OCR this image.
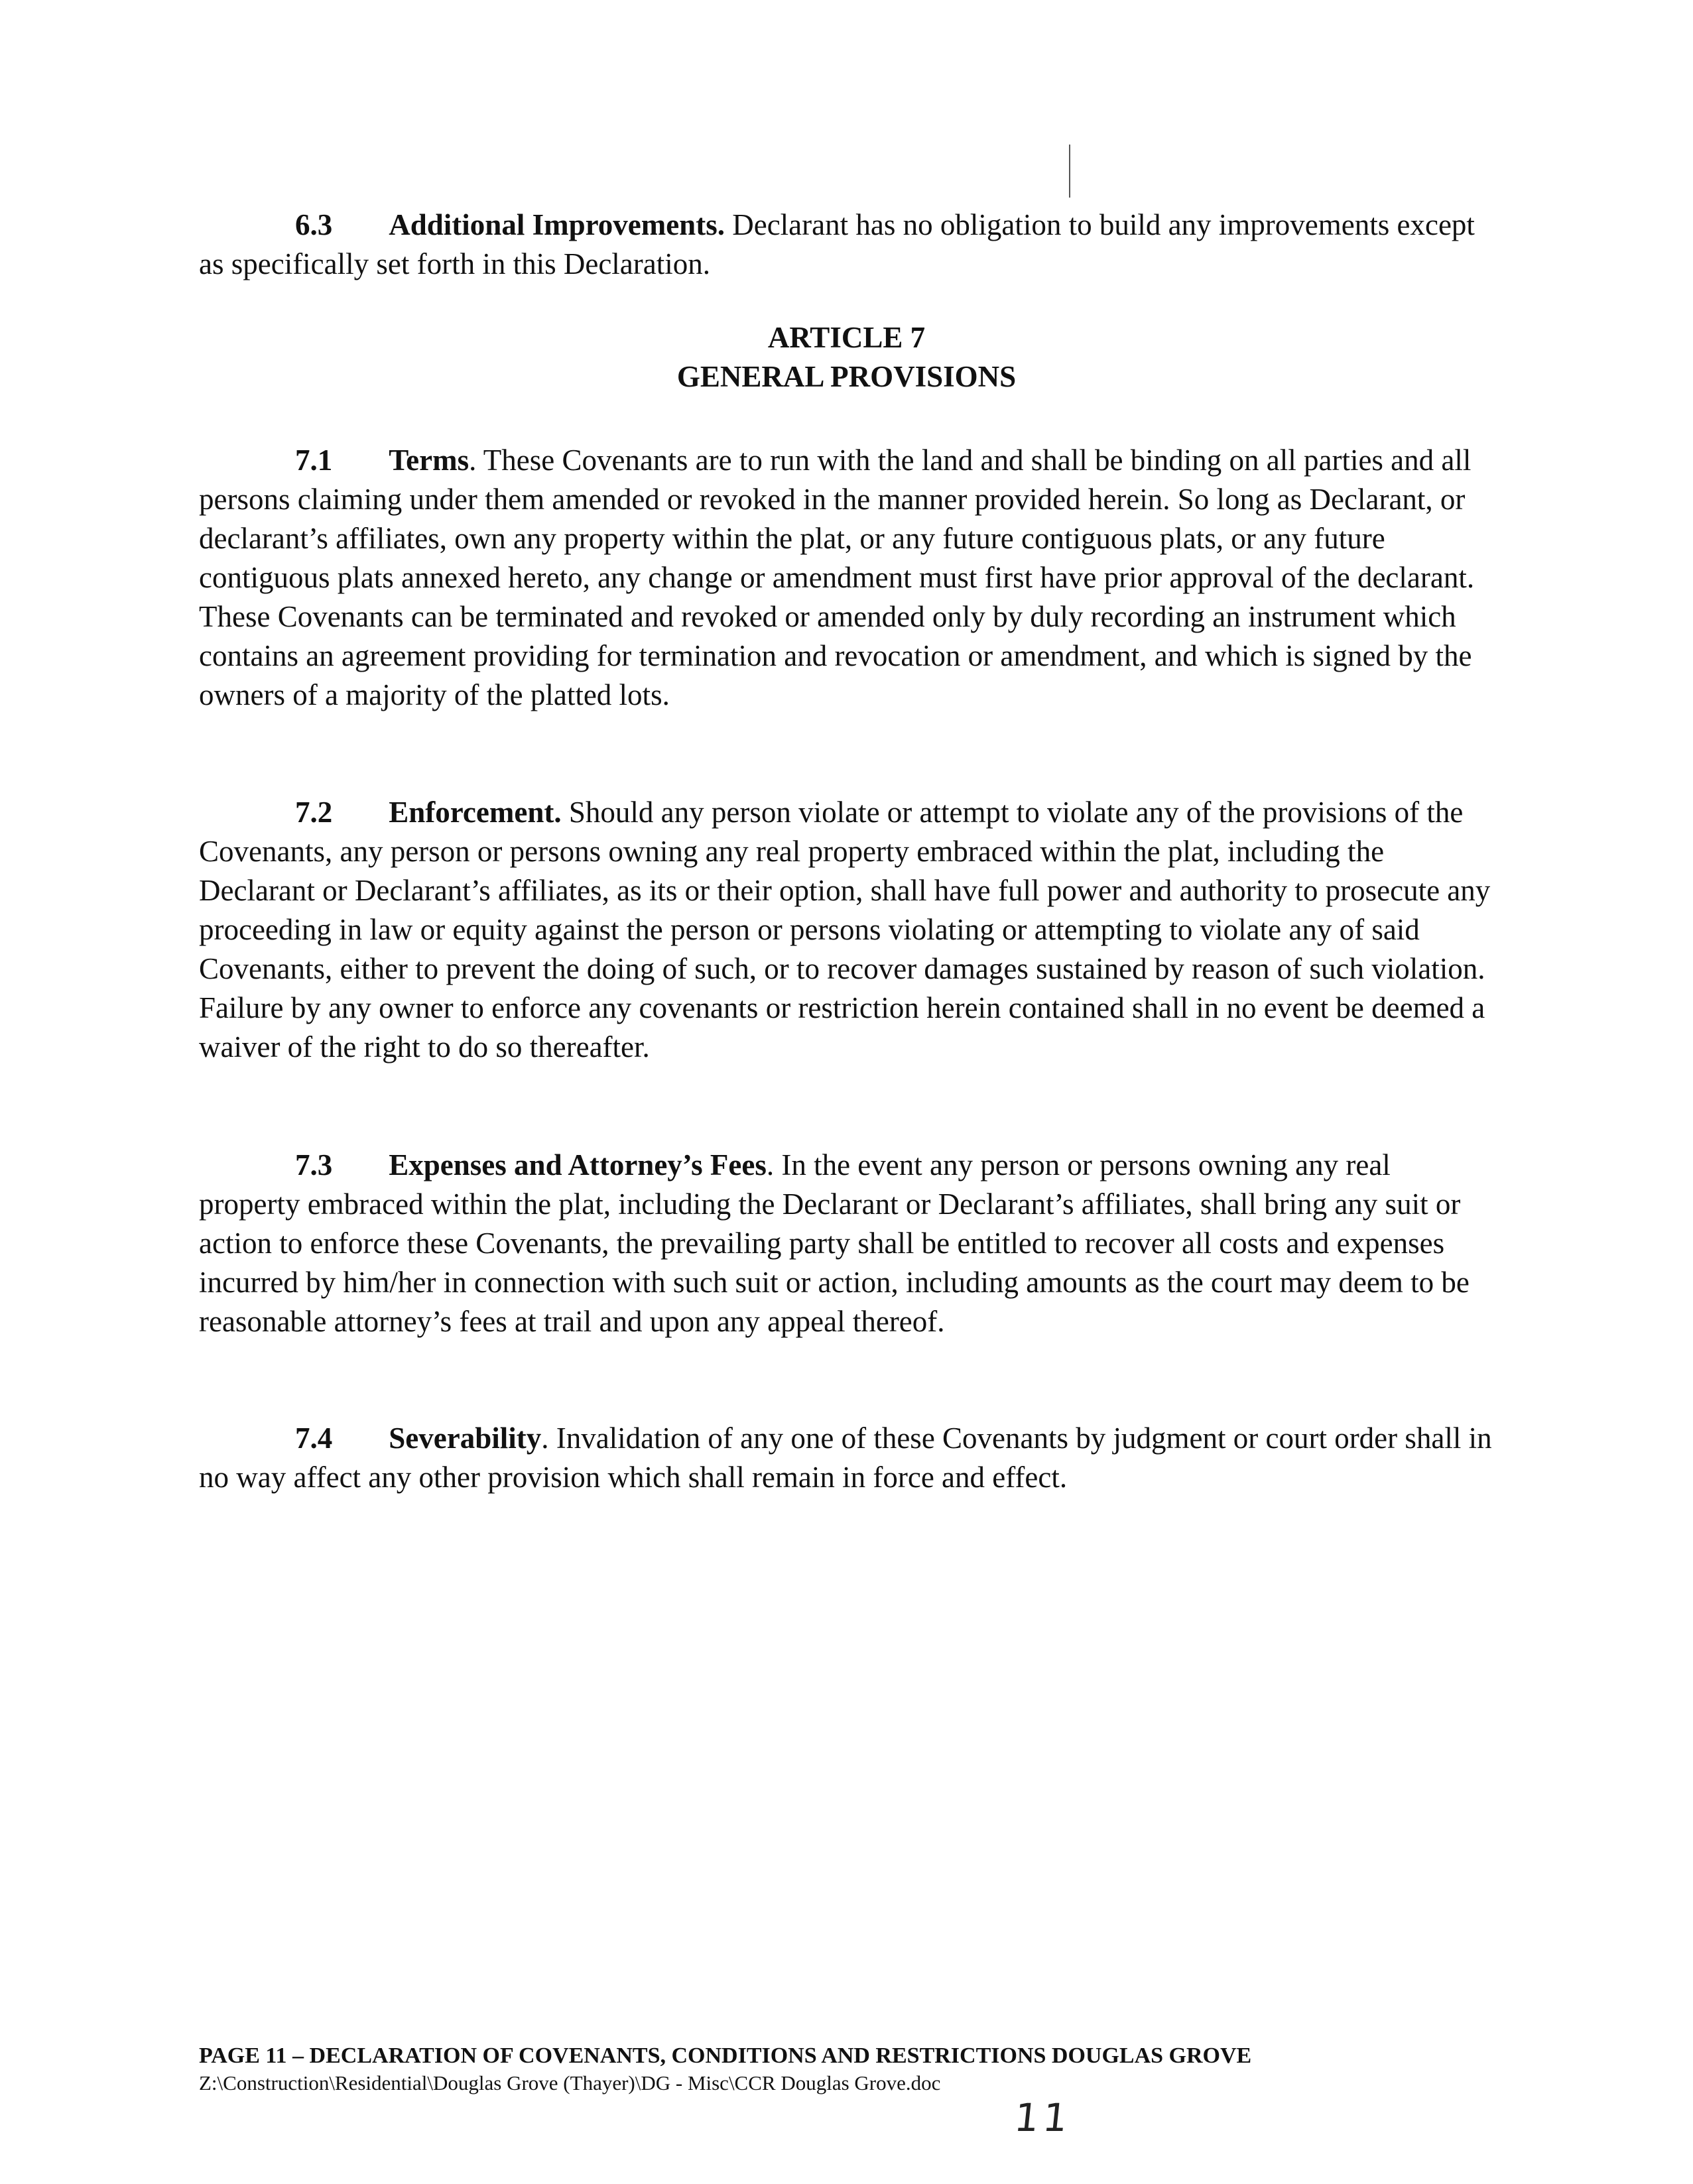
6.3 Additional Improvements. Declarant has no obligation to build any improvements except as specifically set forth in this Declaration.

ARTICLE 7
GENERAL PROVISIONS

7.1 Terms. These Covenants are to run with the land and shall be binding on all parties and all persons claiming under them amended or revoked in the manner provided herein. So long as Declarant, or declarant’s affiliates, own any property within the plat, or any future contiguous plats, or any future contiguous plats annexed hereto, any change or amendment must first have prior approval of the declarant. These Covenants can be terminated and revoked or amended only by duly recording an instrument which contains an agreement providing for termination and revocation or amendment, and which is signed by the owners of a majority of the platted lots.

7.2 Enforcement. Should any person violate or attempt to violate any of the provisions of the Covenants, any person or persons owning any real property embraced within the plat, including the Declarant or Declarant’s affiliates, as its or their option, shall have full power and authority to prosecute any proceeding in law or equity against the person or persons violating or attempting to violate any of said Covenants, either to prevent the doing of such, or to recover damages sustained by reason of such violation. Failure by any owner to enforce any covenants or restriction herein contained shall in no event be deemed a waiver of the right to do so thereafter.

7.3 Expenses and Attorney’s Fees. In the event any person or persons owning any real property embraced within the plat, including the Declarant or Declarant’s affiliates, shall bring any suit or action to enforce these Covenants, the prevailing party shall be entitled to recover all costs and expenses incurred by him/her in connection with such suit or action, including amounts as the court may deem to be reasonable attorney’s fees at trail and upon any appeal thereof.

7.4 Severability. Invalidation of any one of these Covenants by judgment or court order shall in no way affect any other provision which shall remain in force and effect.

PAGE 11 – DECLARATION OF COVENANTS, CONDITIONS AND RESTRICTIONS DOUGLAS GROVE
Z:\Construction\Residential\Douglas Grove (Thayer)\DG - Misc\CCR Douglas Grove.doc
11
